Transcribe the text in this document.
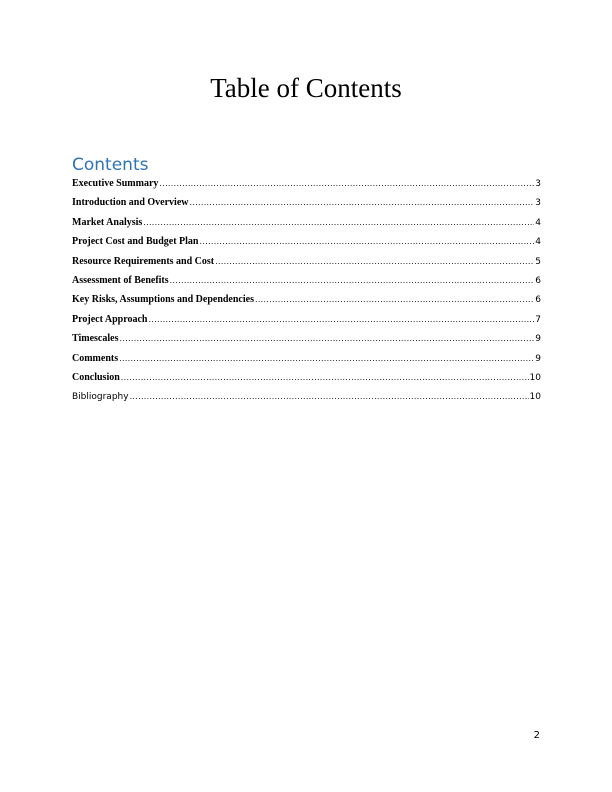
Table of Contents
Contents
Executive Summary .....	3
Introduction and Overview .....	3
Market Analysis .....	4
Project Cost and Budget Plan .....	4
Resource Requirements and Cost .....	5
Assessment of Benefits .....	6
Key Risks, Assumptions and Dependencies .....	6
Project Approach .....	7
Timescales .....	9
Comments .....	9
Conclusion .....	10
Bibliography .....	10
2
